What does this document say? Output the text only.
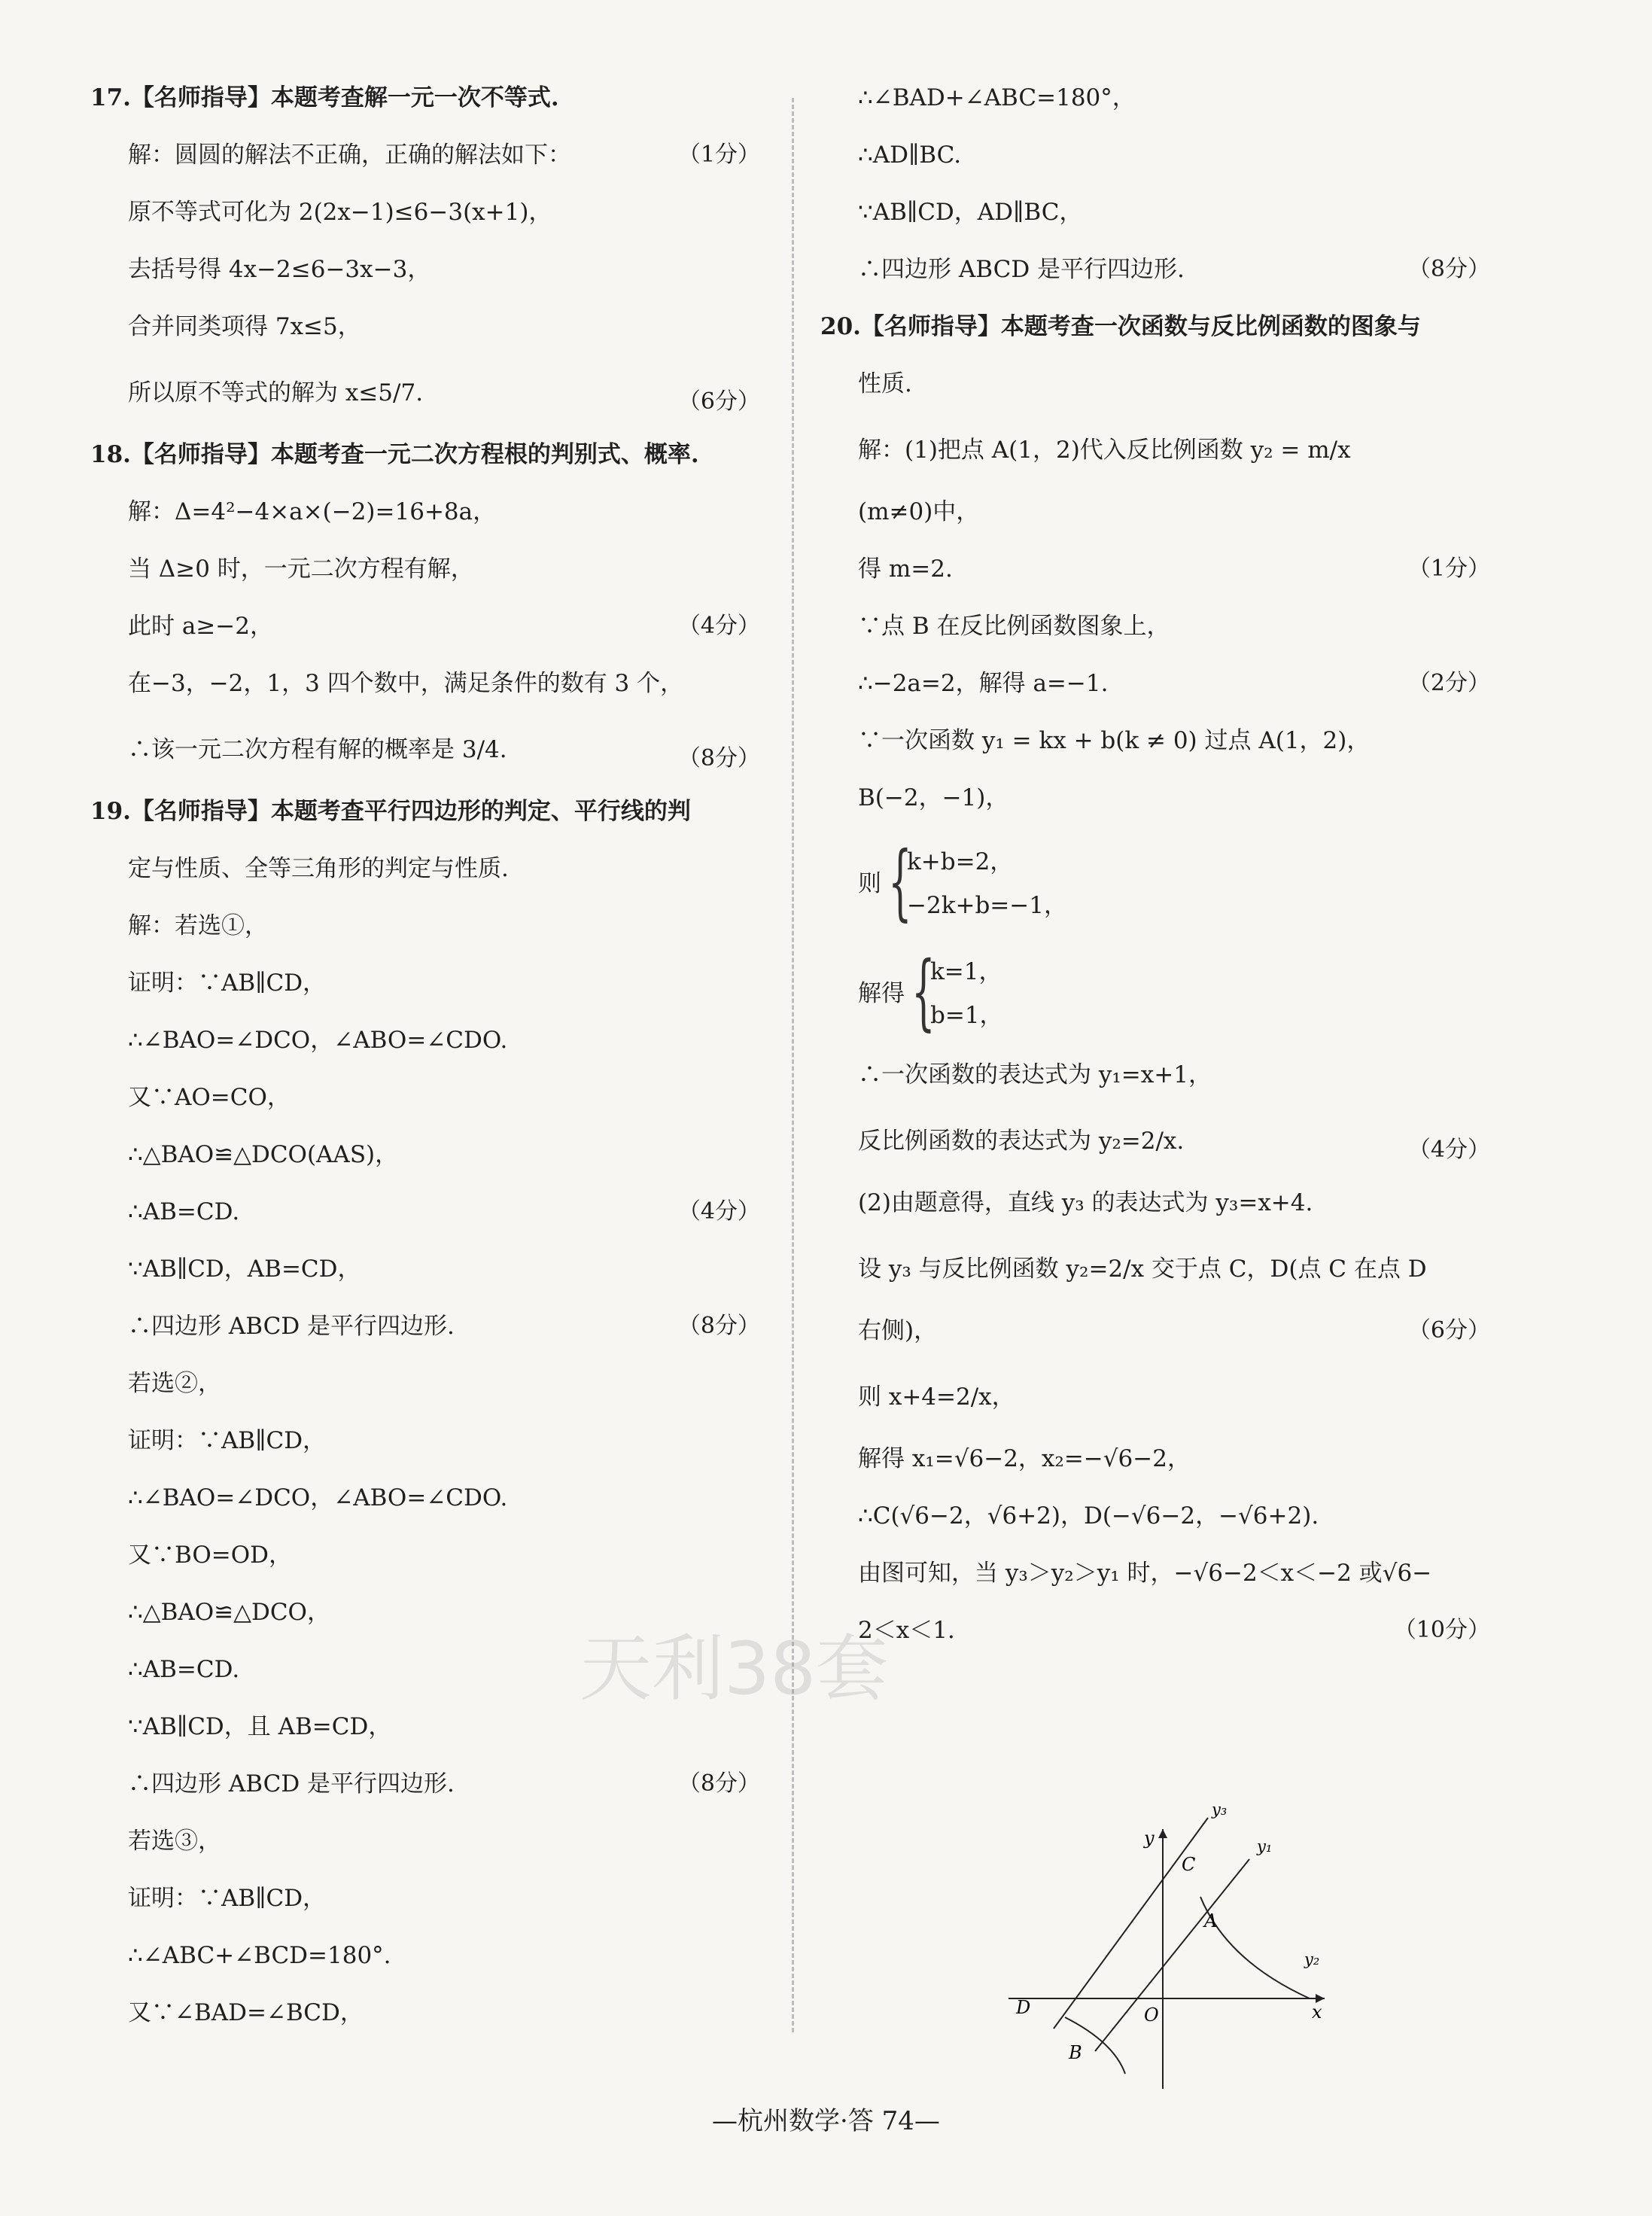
17.【名师指导】本题考查解一元一次不等式.
解：圆圆的解法不正确，正确的解法如下：	（1分）
原不等式可化为 2(2x−1)≤6−3(x+1)，
去括号得 4x−2≤6−3x−3，
合并同类项得 7x≤5，
所以原不等式的解为 x≤5/7.	（6分）
18.【名师指导】本题考查一元二次方程根的判别式、概率.
解：Δ=4²−4×a×(−2)=16+8a，
当 Δ≥0 时，一元二次方程有解，
此时 a≥−2，	（4分）
在−3，−2，1，3 四个数中，满足条件的数有 3 个，
∴该一元二次方程有解的概率是 3/4.	（8分）
19.【名师指导】本题考查平行四边形的判定、平行线的判
定与性质、全等三角形的判定与性质.
解：若选①，
证明：∵AB∥CD，
∴∠BAO=∠DCO，∠ABO=∠CDO.
又∵AO=CO，
∴△BAO≌△DCO(AAS)，
∴AB=CD.	（4分）
∵AB∥CD，AB=CD，
∴四边形 ABCD 是平行四边形.	（8分）
若选②，
证明：∵AB∥CD，
∴∠BAO=∠DCO，∠ABO=∠CDO.
又∵BO=OD，
∴△BAO≌△DCO，
∴AB=CD.
∵AB∥CD，且 AB=CD，
∴四边形 ABCD 是平行四边形.	（8分）
若选③，
证明：∵AB∥CD，
∴∠ABC+∠BCD=180°.
又∵∠BAD=∠BCD，
∴∠BAD+∠ABC=180°，
∴AD∥BC.
∵AB∥CD，AD∥BC，
∴四边形 ABCD 是平行四边形.	（8分）
20.【名师指导】本题考查一次函数与反比例函数的图象与
性质.
解：(1)把点 A(1，2)代入反比例函数 y₂ = m/x
(m≠0)中，
得 m=2.	（1分）
∵点 B 在反比例函数图象上，
∴−2a=2，解得 a=−1.	（2分）
∵一次函数 y₁ = kx + b(k ≠ 0) 过点 A(1，2)，
B(−2，−1)，
则{
k+b=2，
−2k+b=−1，
解得{
k=1，
b=1，
∴一次函数的表达式为 y₁=x+1，
反比例函数的表达式为 y₂=2/x.	（4分）
(2)由题意得，直线 y₃ 的表达式为 y₃=x+4.
设 y₃ 与反比例函数 y₂=2/x 交于点 C，D(点 C 在点 D
右侧)，	（6分）
则 x+4=2/x，
解得 x₁=√6−2，x₂=−√6−2，
∴C(√6−2，√6+2)，D(−√6−2，−√6+2).
由图可知，当 y₃＞y₂＞y₁ 时，−√6−2＜x＜−2 或√6−
2＜x＜1.	（10分）
天利38套
y
x
O
y₃
y₁
y₂
C
A
D
B
—杭州数学·答 74—
